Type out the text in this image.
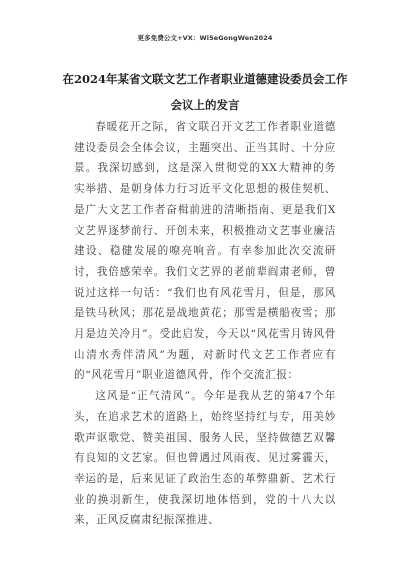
更多免费公文+VX：Wi5eGongWen2024
在2024年某省文联文艺工作者职业道德建设委员会工作会议上的发言

春暖花开之际，省文联召开文艺工作者职业道德建设委员会全体会议，主题突出、正当其时、十分应景。我深切感到，这是深入贯彻党的XX大精神的务实举措、是朝身体力行习近平文化思想的极佳契机、是广大文艺工作者奋楫前进的清晰指南、更是我们X文艺界逐梦前行、开创未来，积极推动文艺事业廉洁建设、稳健发展的嘹亮响音。有幸参加此次交流研讨，我倍感荣幸。我们文艺界的老前辈阎肃老师，曾说过这样一句话：“我们也有风花雪月，但是，那风是铁马秋风；那花是战地黄花；那雪是横船夜雪；那月是边关冷月”。受此启发，今天以“风花雪月铸风骨山清水秀伴清风”为题，对新时代文艺工作者应有的“风花雪月”职业道德风骨，作个交流汇报：

这风是“正气清风”。今年是我从艺的第47个年头，在追求艺术的道路上，始终坚持红与专，用美妙歌声讴歌党、赞美祖国、服务人民，坚持做德艺双馨有良知的文艺家。但也曾遇过风雨夜、见过雾霾天，幸运的是，后来见证了政治生态的革弊鼎新、艺术行业的换羽新生，使我深切地体悟到，党的十八大以来，正风反腐肃纪振深推进、
